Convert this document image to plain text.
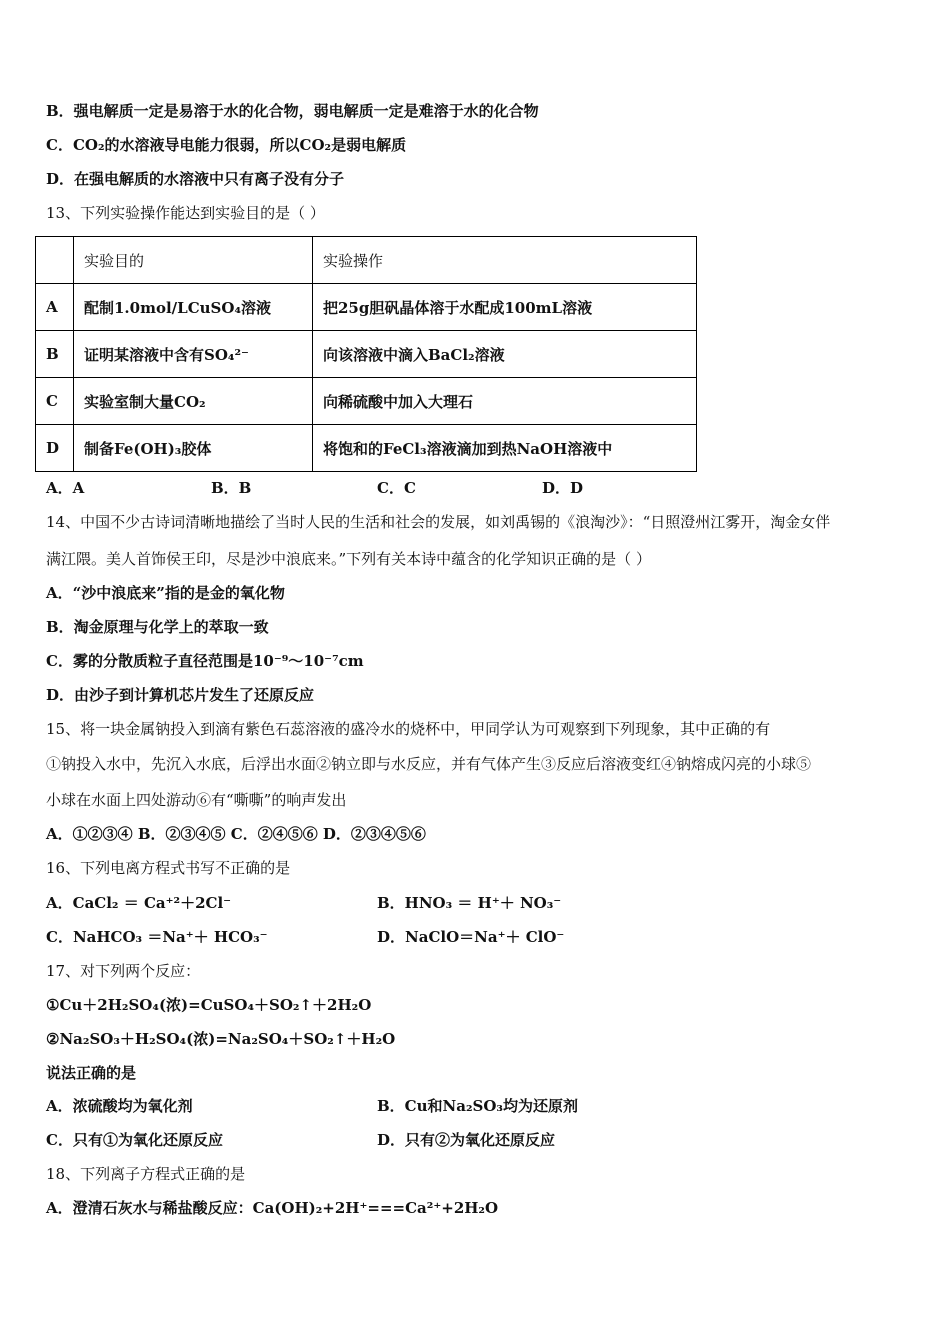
B．强电解质一定是易溶于水的化合物，弱电解质一定是难溶于水的化合物
C．CO₂的水溶液导电能力很弱，所以CO₂是弱电解质
D．在强电解质的水溶液中只有离子没有分子
13、下列实验操作能达到实验目的是（ ）
	实验目的	实验操作
A	配制1.0mol/LCuSO₄溶液	把25g胆矾晶体溶于水配成100mL溶液
B	证明某溶液中含有SO₄²⁻	向该溶液中滴入BaCl₂溶液
C	实验室制大量CO₂	向稀硫酸中加入大理石
D	制备Fe(OH)₃胶体	将饱和的FeCl₃溶液滴加到热NaOH溶液中
A．A	B．B	C．C	D．D
14、中国不少古诗词清晰地描绘了当时人民的生活和社会的发展，如刘禹锡的《浪淘沙》：“日照澄州江雾开，淘金女伴
满江隈。美人首饰侯王印，尽是沙中浪底来。”下列有关本诗中蕴含的化学知识正确的是（ ）
A．“沙中浪底来”指的是金的氧化物
B．淘金原理与化学上的萃取一致
C．雾的分散质粒子直径范围是10⁻⁹～10⁻⁷cm
D．由沙子到计算机芯片发生了还原反应
15、将一块金属钠投入到滴有紫色石蕊溶液的盛冷水的烧杯中，甲同学认为可观察到下列现象，其中正确的有
①钠投入水中，先沉入水底，后浮出水面②钠立即与水反应，并有气体产生③反应后溶液变红④钠熔成闪亮的小球⑤
小球在水面上四处游动⑥有“嘶嘶”的响声发出
A．①②③④ B．②③④⑤ C．②④⑤⑥ D．②③④⑤⑥
16、下列电离方程式书写不正确的是
A．CaCl₂ ＝ Ca⁺²＋2Cl⁻	B．HNO₃ ＝ H⁺＋ NO₃⁻
C．NaHCO₃ ＝Na⁺＋ HCO₃⁻	D．NaClO＝Na⁺＋ ClO⁻
17、对下列两个反应：
①Cu＋2H₂SO₄(浓)=CuSO₄＋SO₂↑＋2H₂O
②Na₂SO₃＋H₂SO₄(浓)=Na₂SO₄＋SO₂↑＋H₂O
说法正确的是
A．浓硫酸均为氧化剂	B．Cu和Na₂SO₃均为还原剂
C．只有①为氧化还原反应	D．只有②为氧化还原反应
18、下列离子方程式正确的是
A．澄清石灰水与稀盐酸反应：Ca(OH)₂+2H⁺===Ca²⁺+2H₂O
